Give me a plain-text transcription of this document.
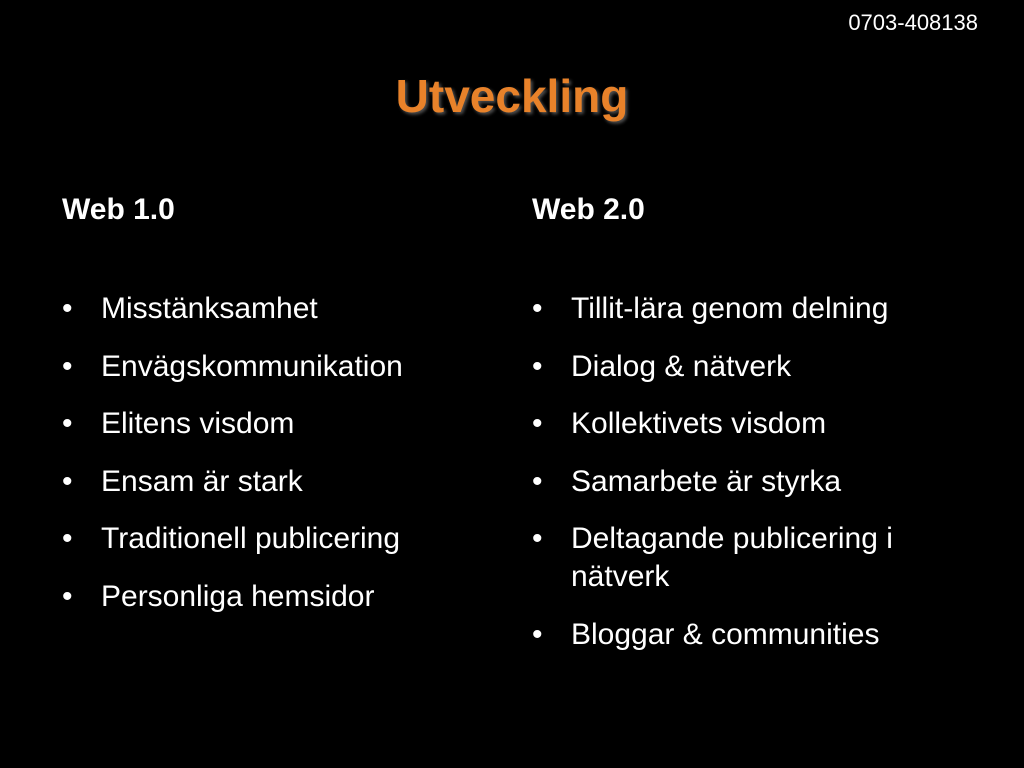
0703-408138
Utveckling
Web 1.0
• Misstänksamhet
• Envägskommunikation
• Elitens visdom
• Ensam är stark
• Traditionell publicering
• Personliga hemsidor
Web 2.0
• Tillit-lära genom delning
• Dialog & nätverk
• Kollektivets visdom
• Samarbete är styrka
• Deltagande publicering i nätverk
• Bloggar & communities
